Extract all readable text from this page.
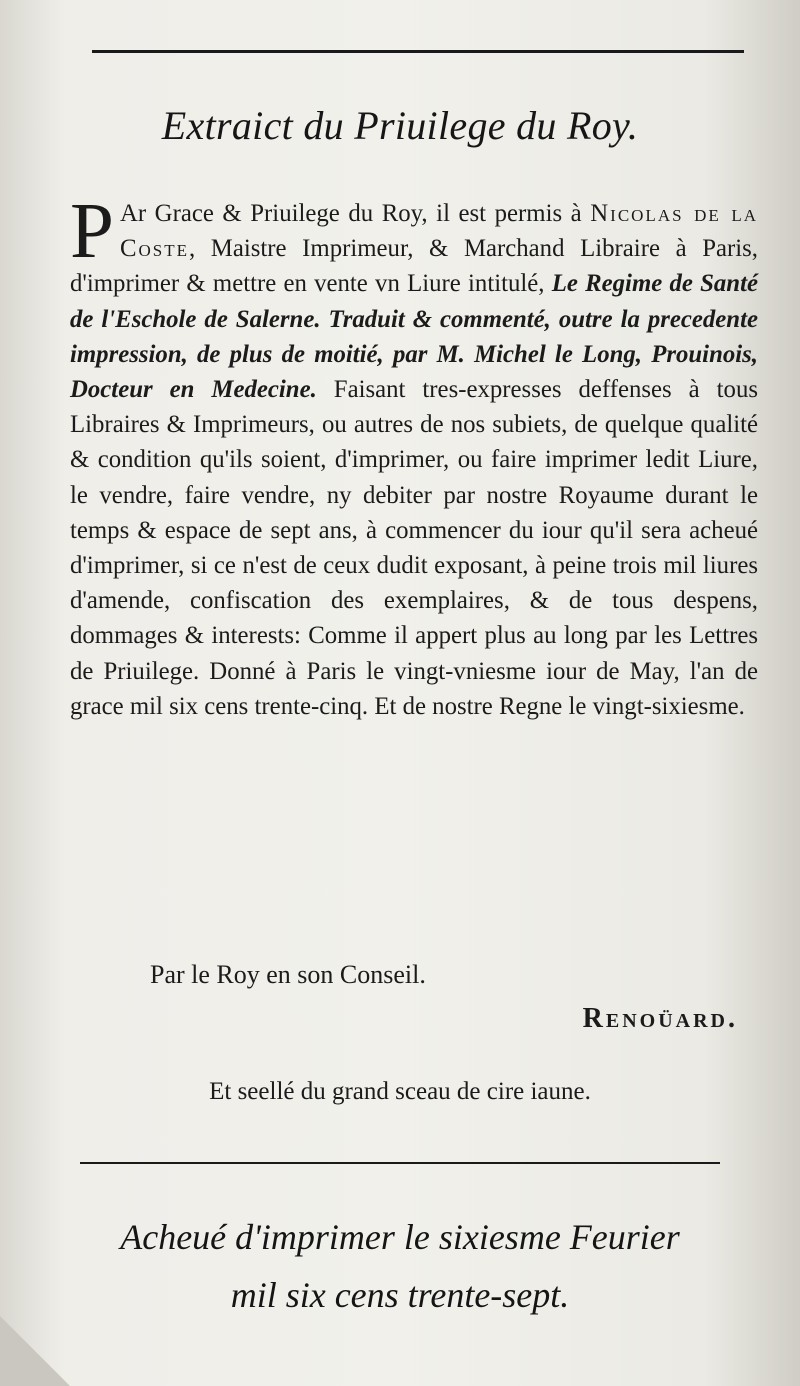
Extraict du Priuilege du Roy.

P Ar Grace & Priuilege du Roy, il est permis à Nicolas de la Coste, Maistre Imprimeur, & Marchand Libraire à Paris, d'imprimer & mettre en vente vn Liure intitulé, Le Regime de Santé de l'Eschole de Salerne. Traduit & commenté, outre la precedente impression, de plus de moitié, par M. Michel le Long, Prouinois, Docteur en Medecine. Faisant tres-expresses deffenses à tous Libraires & Imprimeurs, ou autres de nos subiets, de quelque qualité & condition qu'ils soient, d'imprimer, ou faire imprimer ledit Liure, le vendre, faire vendre, ny debiter par nostre Royaume durant le temps & espace de sept ans, à commencer du iour qu'il sera acheué d'imprimer, si ce n'est de ceux dudit exposant, à peine trois mil liures d'amende, confiscation des exemplaires, & de tous despens, dommages & interests: Comme il appert plus au long par les Lettres de Priuilege. Donné à Paris le vingt-vniesme iour de May, l'an de grace mil six cens trente-cinq. Et de nostre Regne le vingt-sixiesme.

Par le Roy en son Conseil.
Renoüard.
Et seellé du grand sceau de cire iaune.
Acheué d'imprimer le sixiesme Feurier
mil six cens trente-sept.
